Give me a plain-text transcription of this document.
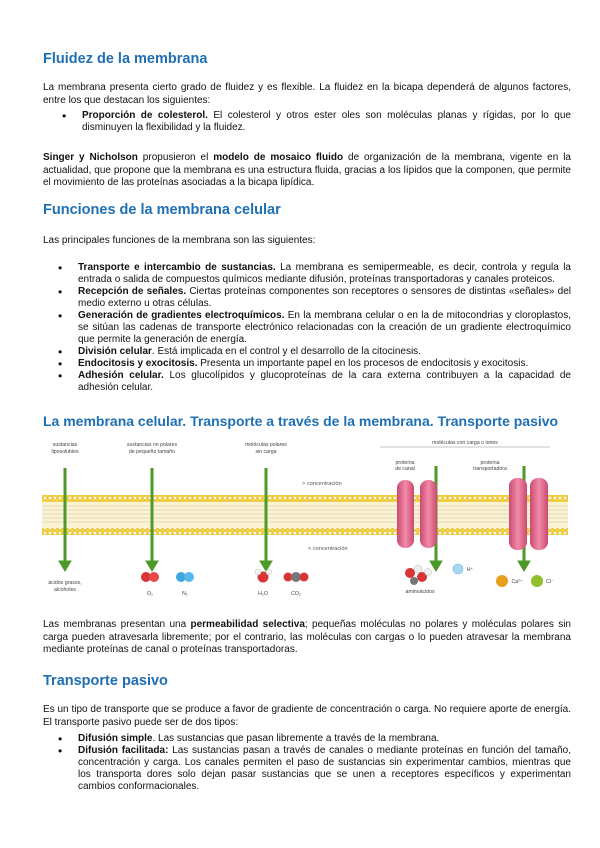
Fluidez de la membrana

La membrana presenta cierto grado de fluidez y es flexible. La fluidez en la bicapa dependerá de algunos factores, entre los que destacan los siguientes:

• Proporción de colesterol. El colesterol y otros ester oles son moléculas planas y rígidas, por lo que disminuyen la flexibilidad y la fluidez.

Singer y Nicholson propusieron el modelo de mosaico fluido de organización de la membrana, vigente en la actualidad, que propone que la membrana es una estructura fluida, gracias a los lípidos que la componen, que permite el movimiento de las proteínas asociadas a la bicapa lipídica.

Funciones de la membrana celular

Las principales funciones de la membrana son las siguientes:

• Transporte e intercambio de sustancias. La membrana es semipermeable, es decir, controla y regula la entrada o salida de compuestos químicos mediante difusión, proteínas transportadoras y canales proteicos.
• Recepción de señales. Ciertas proteínas componentes son receptores o sensores de distintas «señales» del medio externo u otras células.
• Generación de gradientes electroquímicos. En la membrana celular o en la de mitocondrias y cloroplastos, se sitúan las cadenas de transporte electrónico relacionadas con la creación de un gradiente electroquímico que permite la generación de energía.
• División celular. Está implicada en el control y el desarrollo de la citocinesis.
• Endocitosis y exocitosis. Presenta un importante papel en los procesos de endocitosis y exocitosis.
• Adhesión celular. Los glucolípidos y glucoproteínas de la cara externa contribuyen a la capacidad de adhesión celular.
La membrana celular. Transporte a través de la membrana. Transporte pasivo
sustancias
liposolubles
sustancias no polares
de pequeño tamaño
moléculas polares
sin carga
moléculas con carga o iones
proteína
de canal
proteína
transportadora
> concentración
< concentración
ácidos grasos,
alcoholes
O₂	N₂	H₂O	CO₂	aminoácidos
H⁺
Ca²⁺	Cl⁻

Las membranas presentan una permeabilidad selectiva; pequeñas moléculas no polares y moléculas polares sin carga pueden atravesarla libremente; por el contrario, las moléculas con cargas o lo pueden atravesar la membrana mediante proteínas de canal o proteínas transportadoras.

Transporte pasivo

Es un tipo de transporte que se produce a favor de gradiente de concentración o carga. No requiere aporte de energía. El transporte pasivo puede ser de dos tipos:

• Difusión simple. Las sustancias que pasan libremente a través de la membrana.
• Difusión facilitada: Las sustancias pasan a través de canales o mediante proteínas en función del tamaño, concentración y carga. Los canales permiten el paso de sustancias sin experimentar cambios, mientras que los transporta dores solo dejan pasar sustancias que se unen a receptores específicos y experimentan cambios conformacionales.
